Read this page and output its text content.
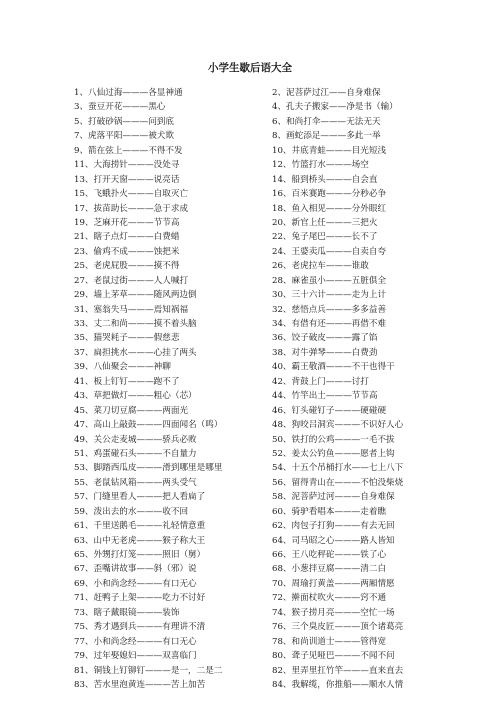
小学生歇后语大全
1、八仙过海———各显神通	2、泥菩萨过江——自身难保
3、蚕豆开花———黑心	4、孔夫子搬家——净是书（输）
5、打破砂锅———问到底	6、和尚打伞———无法无天
7、虎落平阳———被犬欺	8、画蛇添足———多此一举
9、箭在弦上———不得不发	10、井底青蛙———目光短浅
11、大海捞针———没处寻	12、竹篮打水———场空
13、打开天窗———说亮话	14、船到桥头———自会直
15、飞蛾扑火———自取灭亡	16、百米赛跑———分秒必争
17、拔苗助长———急于求成	18、鱼入相见———分外眼红
19、芝麻开花———节节高	20、新官上任———三把火
21、瞎子点灯———白费蜡	22、兔子尾巴———长不了
23、偷鸡不成———蚀把米	24、王婆卖瓜———自卖自夸
25、老虎屁股———摸不得	26、老虎拉车———谁敢
27、老鼠过街———人人喊打	28、麻雀虽小———五脏俱全
29、墙上茅草———随风两边倒	30、三十六计———走为上计
31、塞翁失马———焉知祸福	32、慈悟点兵———多多益善
33、丈二和尚———摸不着头脑	34、有借有还———再借不难
35、猫哭耗子———假慈悲	36、饺子破皮———露了馅
37、扁担挑水———心挂了两头	38、对牛弹琴———白费劲
39、八仙聚会———神聊	40、霸王敬酒———不干也得干
41、板上钉钉———跑不了	42、背鼓上门———讨打
43、草把做灯———粗心（芯）	44、竹竿出土———节节高
45、菜刀切豆腐———两面光	46、钉头碰钉子———硬碰硬
47、高山上敲鼓———四面闻名（鸣）	48、狗咬吕洞宾———不识好人心
49、关公走麦城———骄兵必败	50、铁打的公鸡———一毛不拔
51、鸡蛋碰石头———不自量力	52、姜太公钓鱼———愿者上钩
53、脚踏西瓜皮———滑到哪里是哪里	54、十五个吊桶打水——七上八下
55、老鼠钻风箱———两头受气	56、留得青山在———不怕没柴烧
57、门缝里看人———把人看扁了	58、泥菩萨过河———自身难保
59、泼出去的水———收不回	60、骑驴看唱本———走着瞧
61、千里送鹅毛———礼轻情意重	62、肉包子打狗———有去无回
63、山中无老虎———猴子称大王	64、司马昭之心———路人皆知
65、外甥打灯笼———照旧（舅）	66、王八吃秤砣———铁了心
67、歪嘴讲故事——斜（邪）说	68、小葱拌豆腐———清二白
69、小和尚念经———有口无心	70、周瑜打黄盖———两厢情愿
71、赶鸭子上架———吃力不讨好	72、擀面杖吹火———窍不通
73、瞎子戴眼镜———装饰	74、猴子捞月亮———空忙一场
75、秀才遇到兵———有理讲不清	76、三个臭皮匠———顶个诸葛亮
77、小和尚念经———有口无心	78、和尚训道士———管得宽
79、过年娶媳妇———双喜临门	80、聋子见哑巴———不闻不问
81、铜钱上钉铆钉———是一，二是二	82、里弄里扛竹竿———直来直去
83、苦水里泡黄连———苦上加苦	84、我解缆，你推船——顺水人情
